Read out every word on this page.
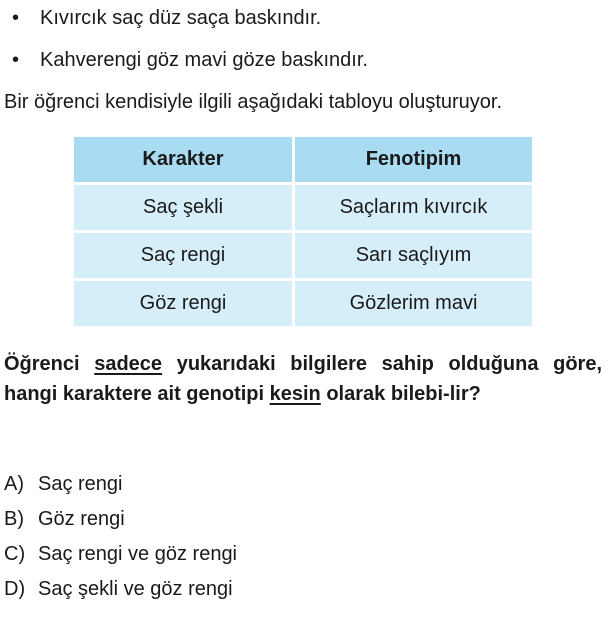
• Kıvırcık saç düz saça baskındır.
• Kahverengi göz mavi göze baskındır.
Bir öğrenci kendisiyle ilgili aşağıdaki tabloyu oluşturuyor.
Karakter	Fenotipim
Saç şekli	Saçlarım kıvırcık
Saç rengi	Sarı saçlıyım
Göz rengi	Gözlerim mavi
Öğrenci sadece yukarıdaki bilgilere sahip olduğuna göre, hangi karaktere ait genotipi kesin olarak bilebi-lir?
A) Saç rengi
B) Göz rengi
C) Saç rengi ve göz rengi
D) Saç şekli ve göz rengi
